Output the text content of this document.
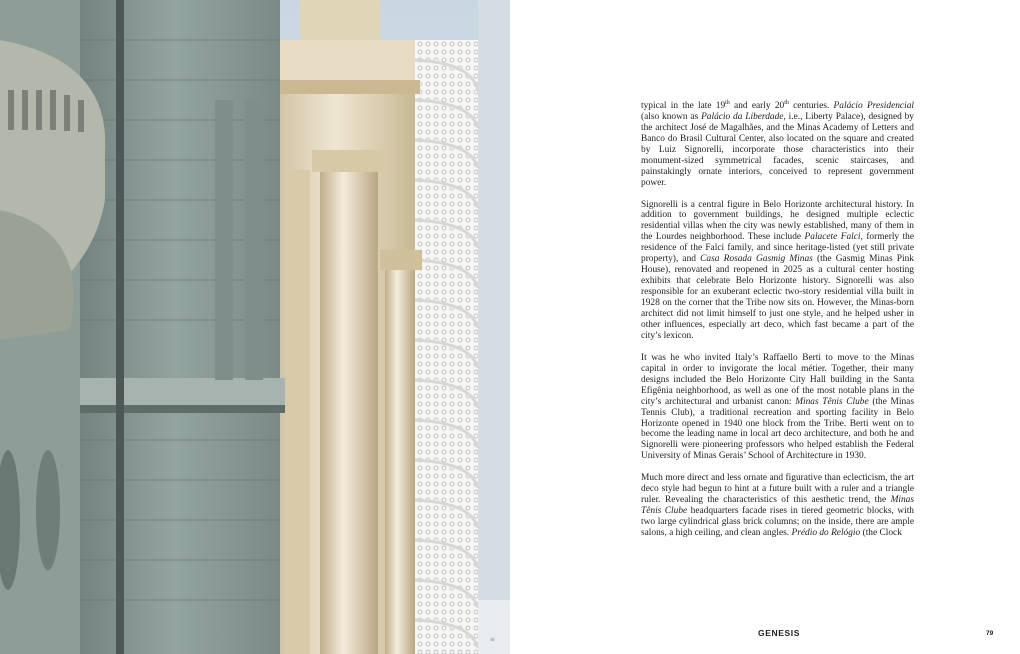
≡

typical in the late 19th and early 20th centuries. Palácio Presidencial (also known as Palácio da Liberdade, i.e., Liberty Palace), designed by the architect José de Magalhães, and the Minas Academy of Letters and Banco do Brasil Cultural Center, also located on the square and created by Luiz Signorelli, incorporate those characteristics into their monument-sized symmetrical facades, scenic staircases, and painstakingly ornate interiors, conceived to represent government power.

Signorelli is a central figure in Belo Horizonte architectural history. In addition to government buildings, he designed multiple eclectic residential villas when the city was newly established, many of them in the Lourdes neighborhood. These include Palacete Falci, formerly the residence of the Falci family, and since heritage-listed (yet still private property), and Casa Rosada Gasmig Minas (the Gasmig Minas Pink House), renovated and reopened in 2025 as a cultural center hosting exhibits that celebrate Belo Horizonte history. Signorelli was also responsible for an exuberant eclectic two-story residential villa built in 1928 on the corner that the Tribe now sits on. However, the Minas-born architect did not limit himself to just one style, and he helped usher in other influences, especially art deco, which fast became a part of the city’s lexicon.

It was he who invited Italy’s Raffaello Berti to move to the Minas capital in order to invigorate the local métier. Together, their many designs included the Belo Horizonte City Hall building in the Santa Efigênia neighborhood, as well as one of the most notable plans in the city’s architectural and urbanist canon: Minas Tênis Clube (the Minas Tennis Club), a traditional recreation and sporting facility in Belo Horizonte opened in 1940 one block from the Tribe. Berti went on to become the leading name in local art deco architecture, and both he and Signorelli were pioneering professors who helped establish the Federal University of Minas Gerais’ School of Architecture in 1930.

Much more direct and less ornate and figurative than eclecticism, the art deco style had begun to hint at a future built with a ruler and a triangle ruler. Revealing the characteristics of this aesthetic trend, the Minas Tênis Clube headquarters facade rises in tiered geometric blocks, with two large cylindrical glass brick columns; on the inside, there are ample salons, a high ceiling, and clean angles. Prédio do Relógio (the Clock

GENESIS	79
